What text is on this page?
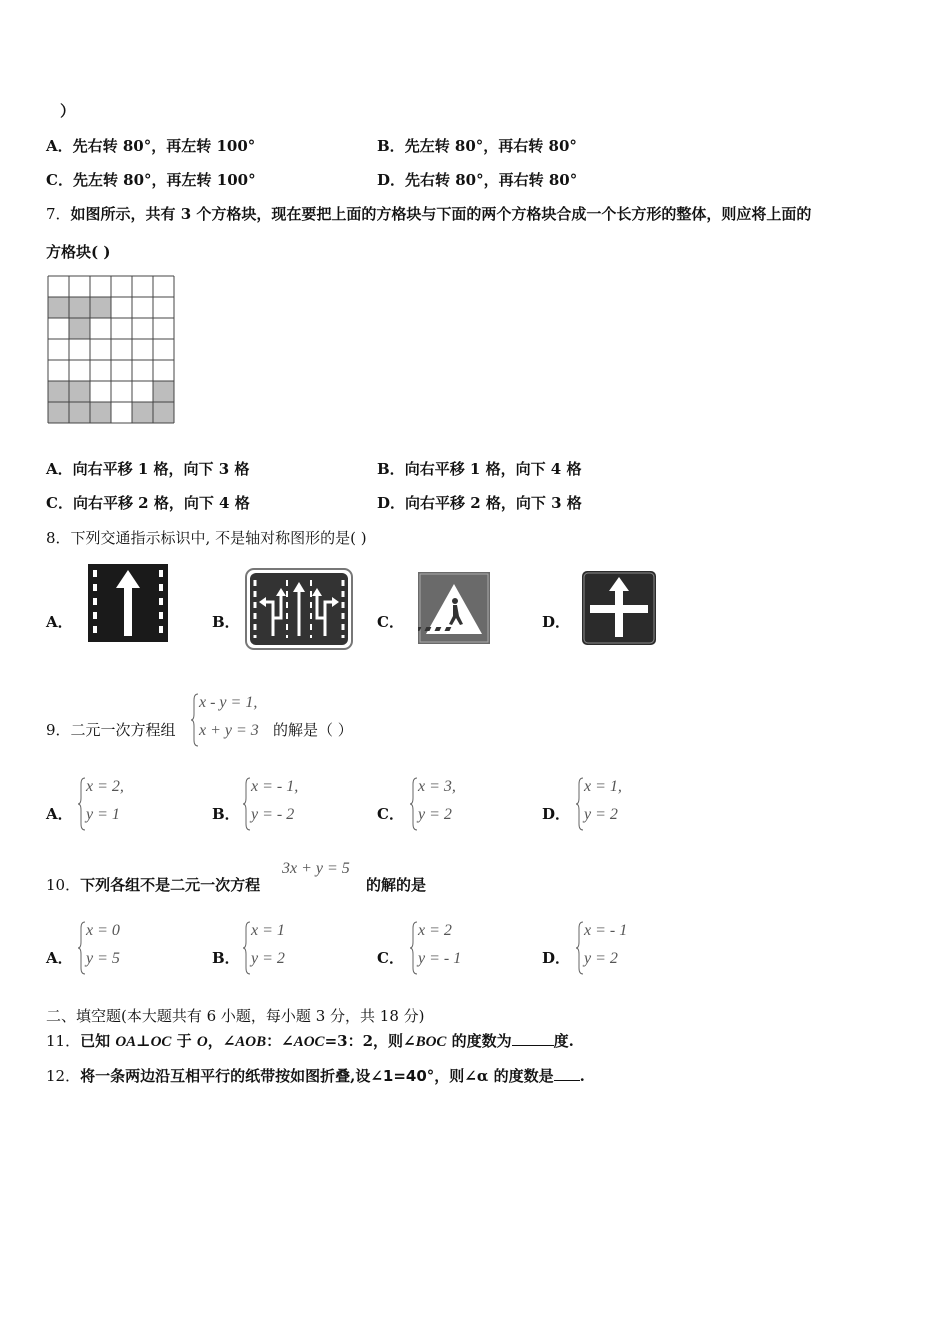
）
A．先右转 80°，再左转 100°	B．先左转 80°，再右转 80°
C．先左转 80°，再左转 100°	D．先右转 80°，再右转 80°
7．如图所示，共有 3 个方格块，现在要把上面的方格块与下面的两个方格块合成一个长方形的整体，则应将上面的
方格块( )
A．向右平移 1 格，向下 3 格	B．向右平移 1 格，向下 4 格
C．向右平移 2 格，向下 4 格	D．向右平移 2 格，向下 3 格
8．下列交通指示标识中, 不是轴对称图形的是( )
A．	B．	C．	D．
9．二元一次方程组
x - y = 1,
x + y = 3 的解是（ ）
A．
x = 2,
y = 1	B．
x = - 1,
y = - 2	C．
x = 3,
y = 2	D．
x = 1,
y = 2
10．下列各组不是二元一次方程
3x + y = 5
的解的是
A．
x = 0
y = 5	B．
x = 1
y = 2	C．
x = 2
y = - 1	D．
x = - 1
y = 2
二、填空题(本大题共有 6 小题，每小题 3 分，共 18 分)
11．已知 OA⊥OC 于 O，∠AOB：∠AOC=3：2，则∠BOC 的度数为	度.
12．将一条两边沿互相平行的纸带按如图折叠,设∠1=40°，则∠α 的度数是 .
